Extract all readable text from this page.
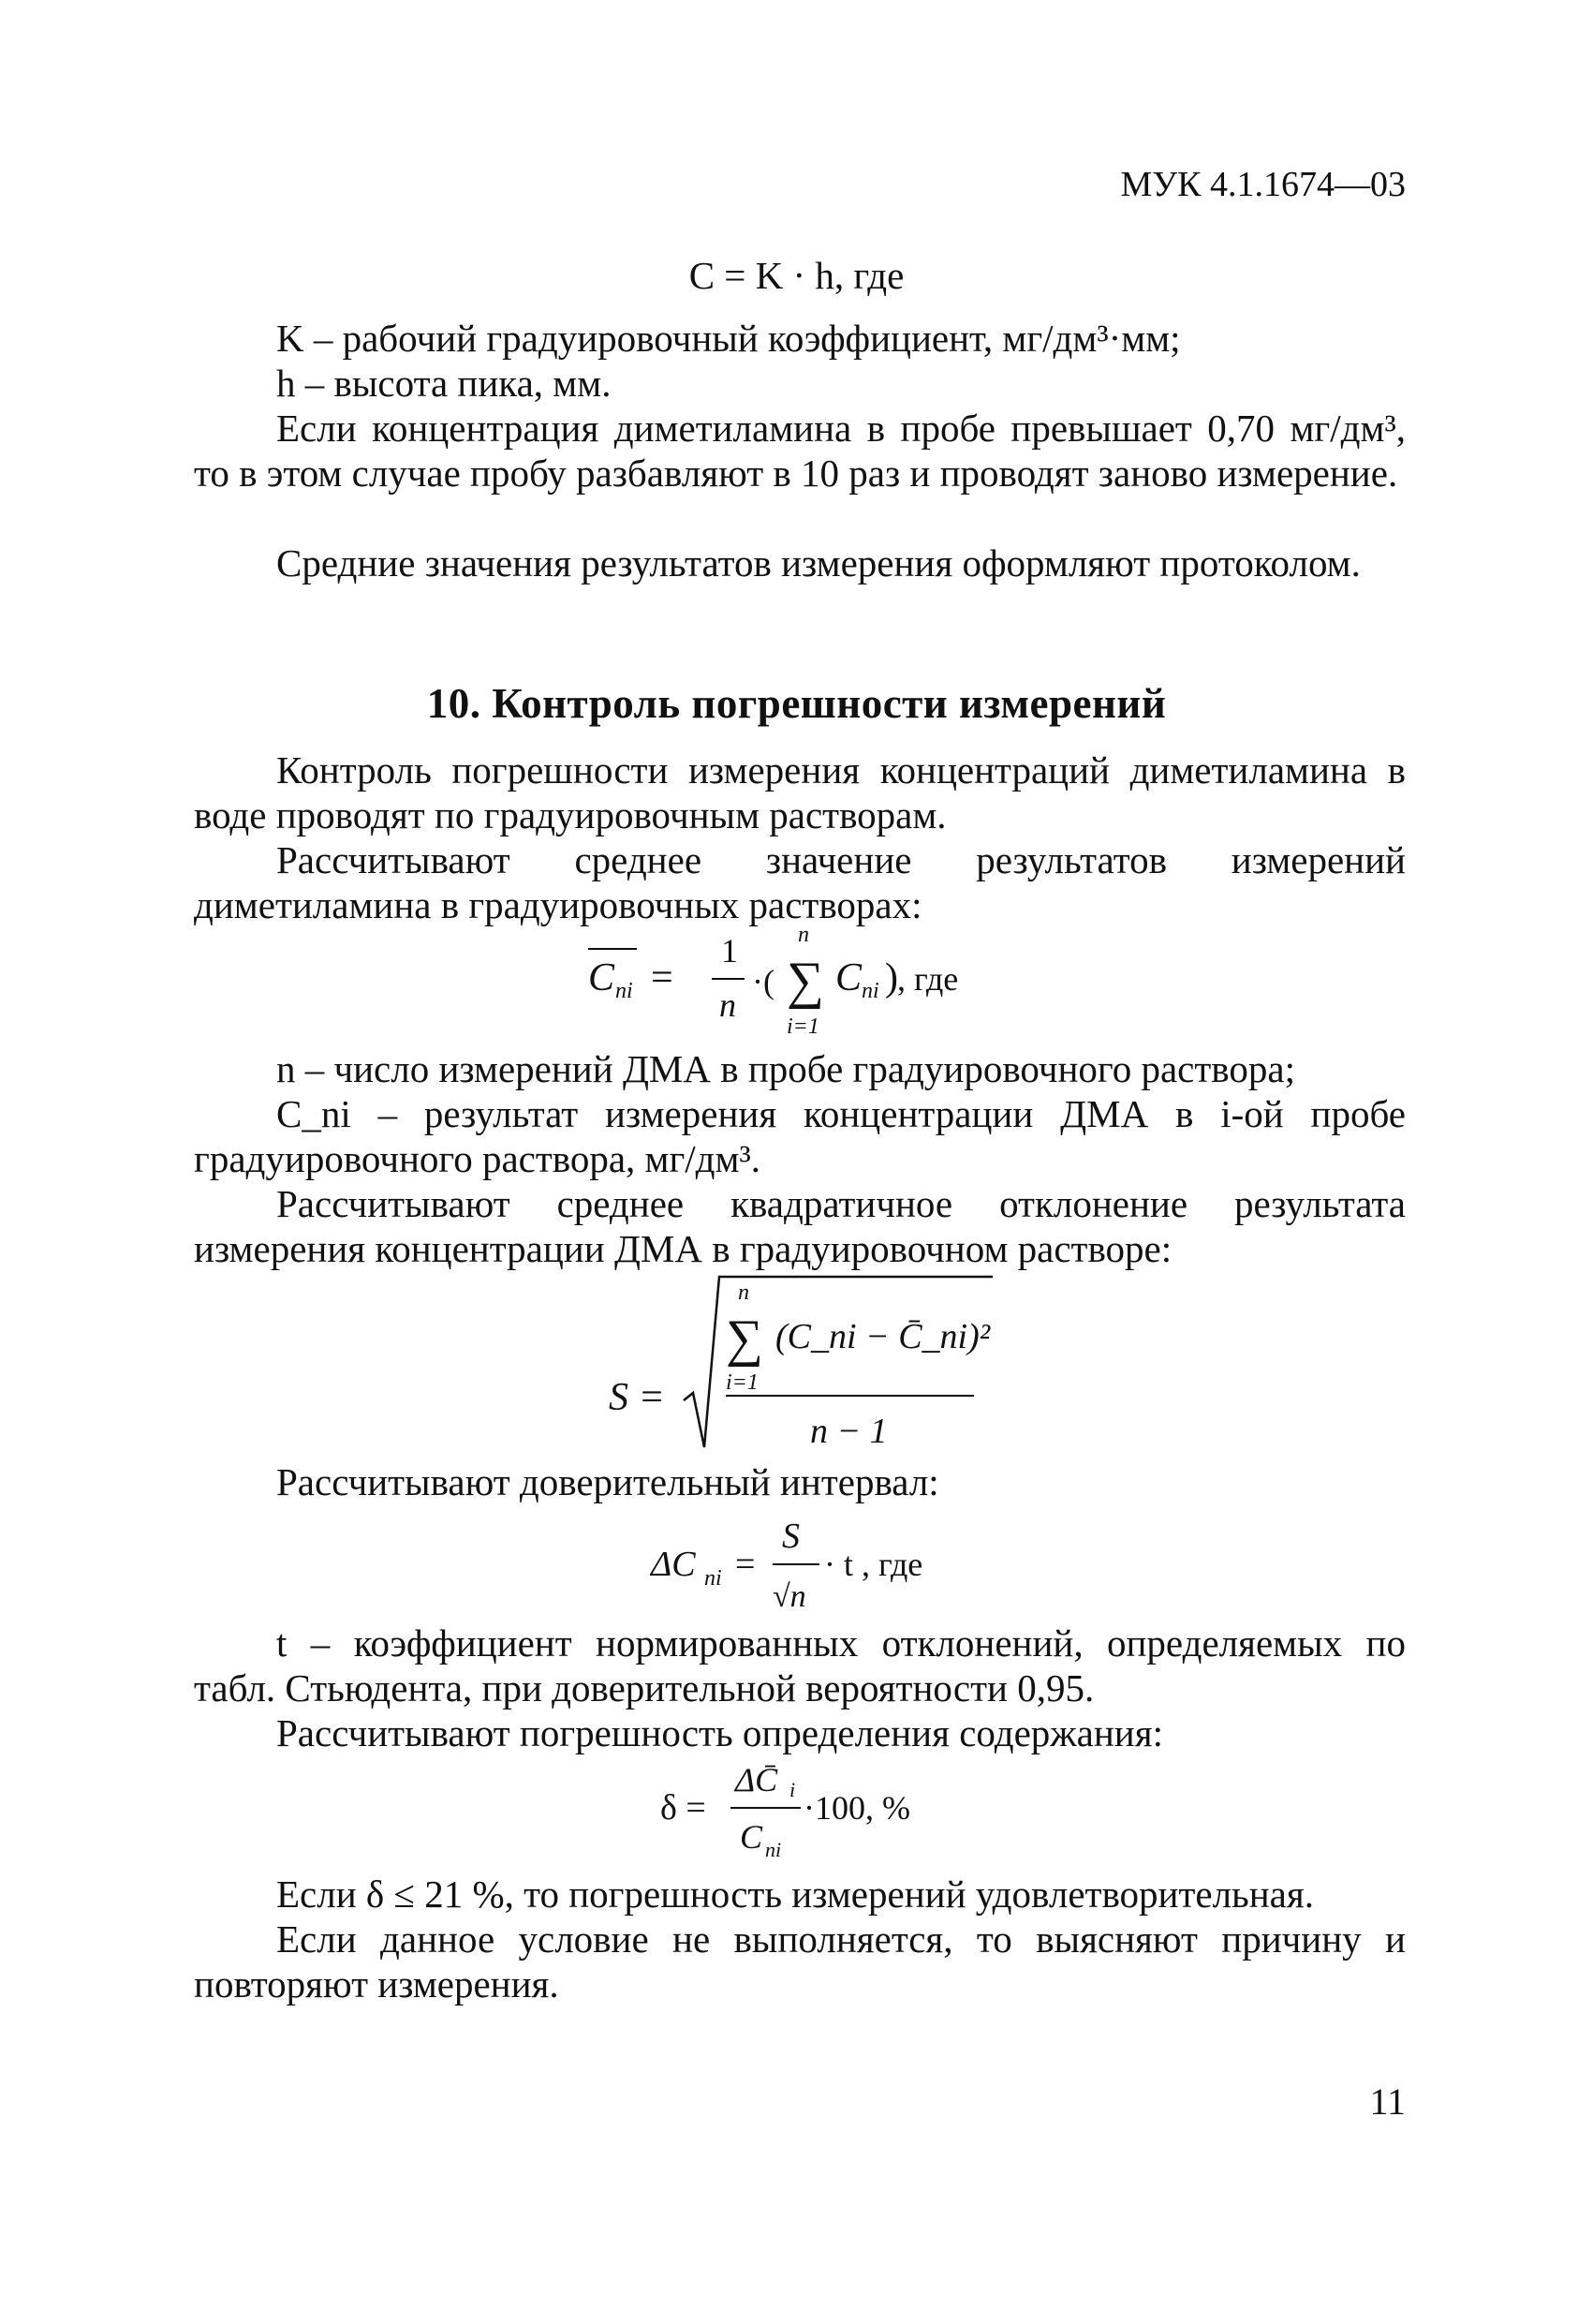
МУК 4.1.1674—03
C = K · h, где

K – рабочий градуировочный коэффициент, мг/дм³·мм;

h – высота пика, мм.

Если концентрация диметиламина в пробе превышает 0,70 мг/дм³, то в этом случае пробу разбавляют в 10 раз и проводят заново измерение.

Средние значения результатов измерения оформляют протоколом.

10. Контроль погрешности измерений

Контроль погрешности измерения концентраций диметиламина в воде проводят по градуировочным растворам.

Рассчитывают среднее значение результатов измерений диметиламина в градуировочных растворах:

C ni =
1
n
·(
n
∑
i=1
C ni ) , где

n – число измерений ДМА в пробе градуировочного раствора;

C_ni – результат измерения концентрации ДМА в i-ой пробе градуировочного раствора, мг/дм³.

Рассчитывают среднее квадратичное отклонение результата измерения концентрации ДМА в градуировочном растворе:

S =
n
∑
i=1
(C_ni − C̄_ni)²
n − 1

Рассчитывают доверительный интервал:

ΔC ni =
S
√n
· t , где

t – коэффициент нормированных отклонений, определяемых по табл. Стьюдента, при доверительной вероятности 0,95.

Рассчитывают погрешность определения содержания:

δ =
ΔC̄ i
C ni
·100, %

Если δ ≤ 21 %, то погрешность измерений удовлетворительная.

Если данное условие не выполняется, то выясняют причину и повторяют измерения.

11
